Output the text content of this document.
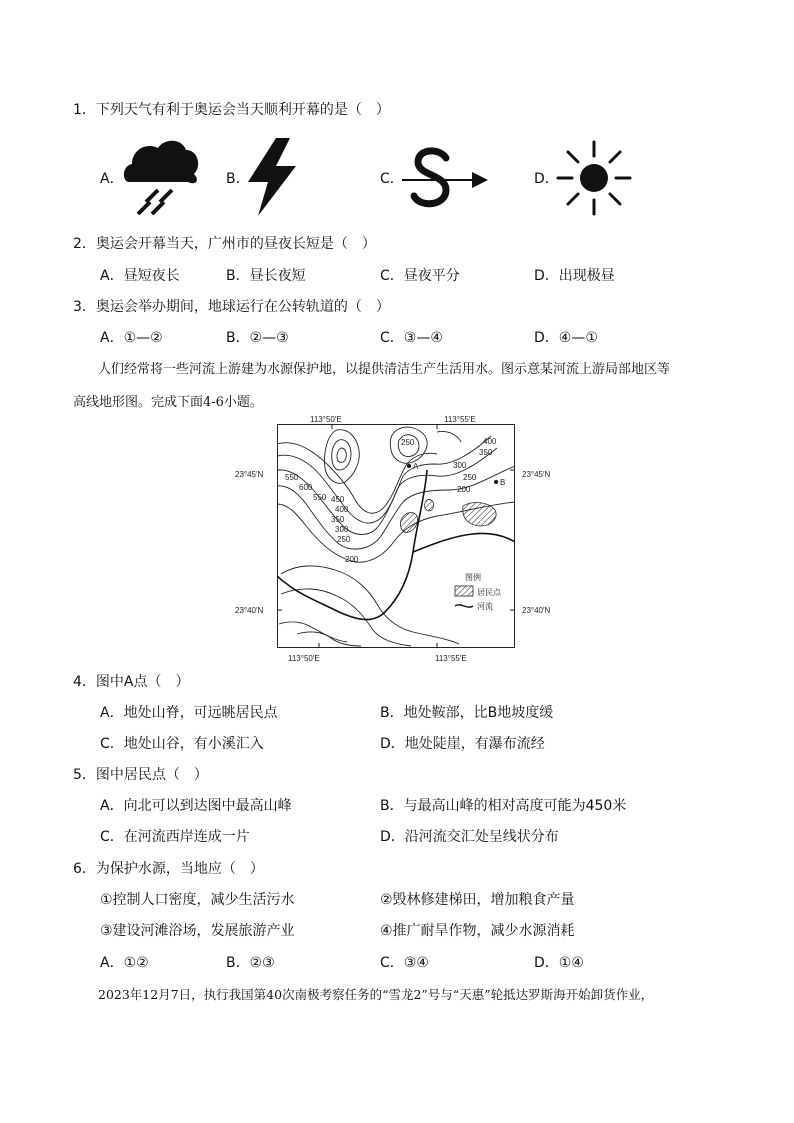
1．下列天气有利于奥运会当天顺利开幕的是（　）
A．	B．	C．	D．
2．奥运会开幕当天，广州市的昼夜长短是（　）
A．昼短夜长	B．昼长夜短	C．昼夜平分	D．出现极昼
3．奥运会举办期间，地球运行在公转轨道的（　）
A．①—②	B．②—③	C．③—④	D．④—①
人们经常将一些河流上游建为水源保护地，以提供清洁生产生活用水。图示意某河流上游局部地区等
高线地形图。完成下面4-6小题。
113°50′E	113°55′E
113°50′E	113°55′E
23°45′N
23°40′N
23°45′N
23°40′N
A
B
250	400
350
300
250
200
550
600
550 450
400
350
300
250
200
图例
居民点
河流
4．图中A点（　）
A．地处山脊，可远眺居民点	B．地处鞍部，比B地坡度缓
C．地处山谷，有小溪汇入	D．地处陡崖，有瀑布流经
5．图中居民点（　）
A．向北可以到达图中最高山峰	B．与最高山峰的相对高度可能为450米
C．在河流西岸连成一片	D．沿河流交汇处呈线状分布
6．为保护水源，当地应（　）
①控制人口密度，减少生活污水	②毁林修建梯田，增加粮食产量
③建设河滩浴场，发展旅游产业	④推广耐旱作物，减少水源消耗
A．①②	B．②③	C．③④	D．①④
2023年12月7日，执行我国第40次南极考察任务的“雪龙2”号与“天惠”轮抵达罗斯海开始卸货作业，
